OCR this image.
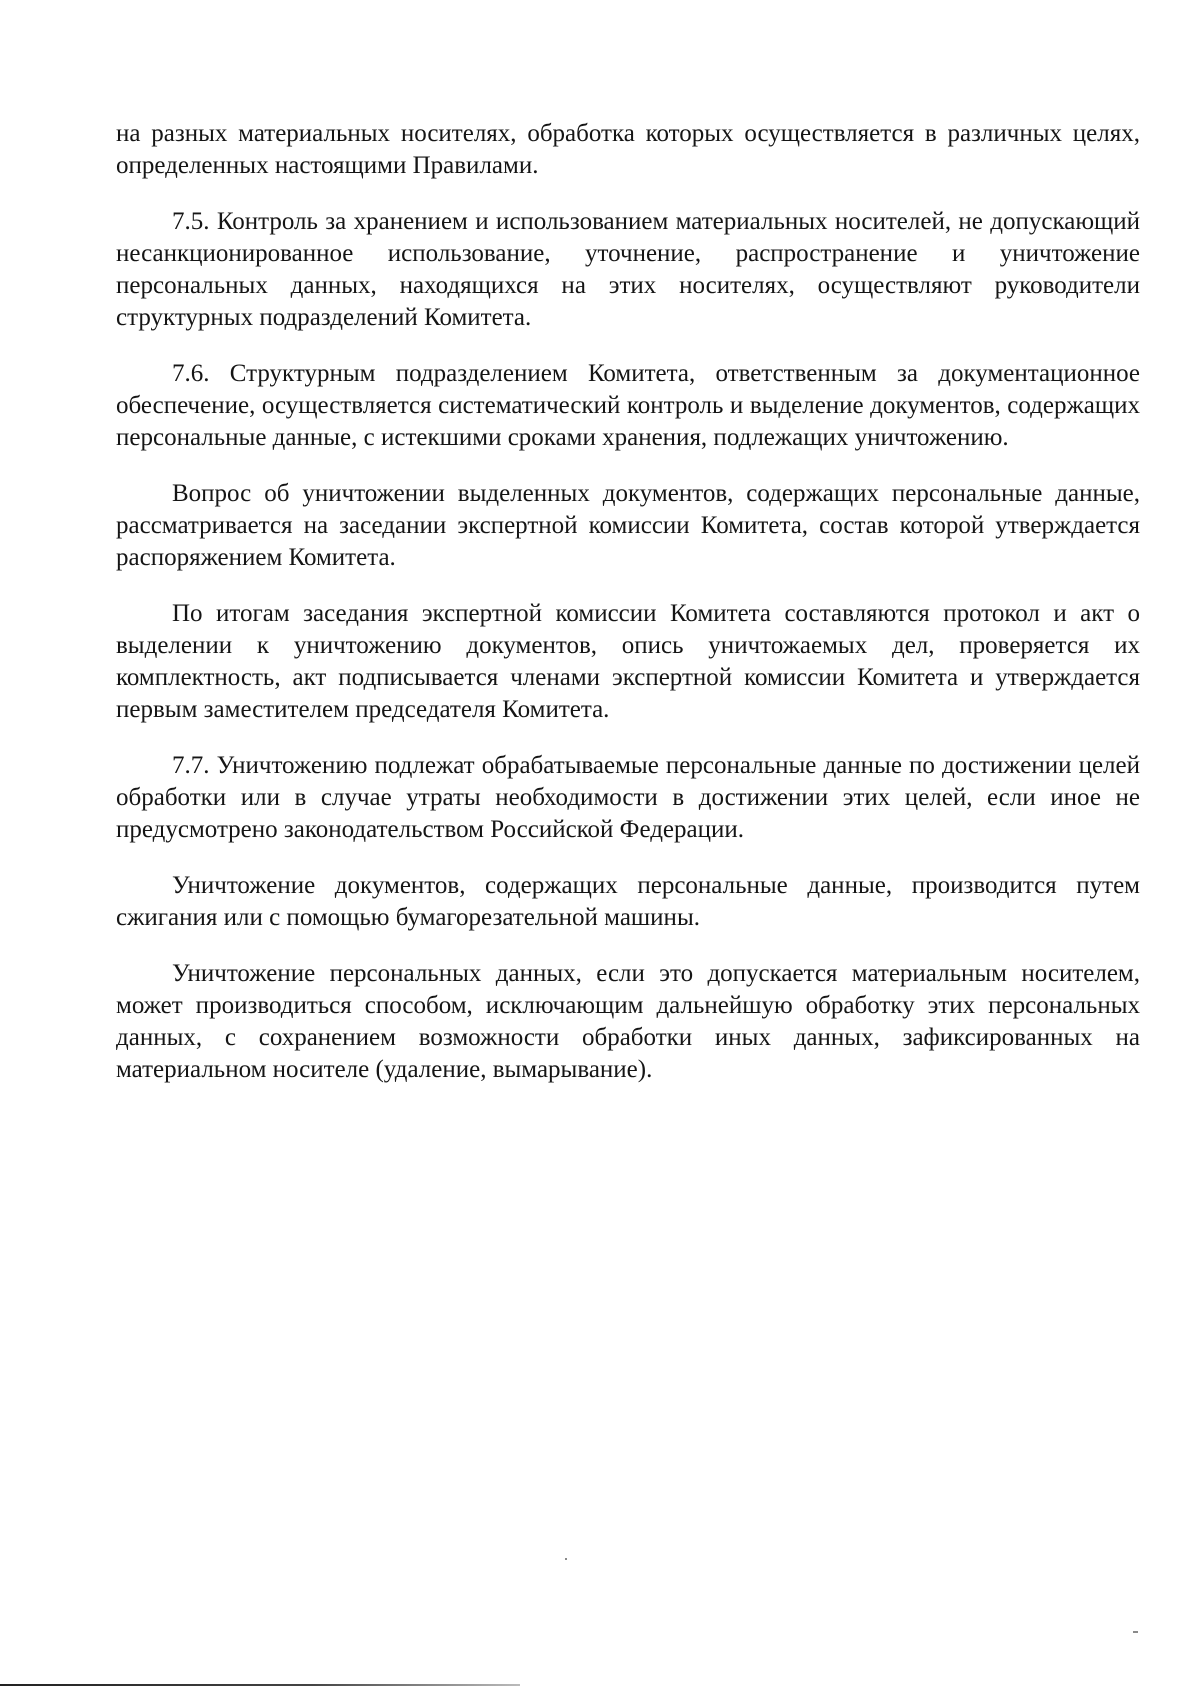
на разных материальных носителях, обработка которых осуществляется в различных целях, определенных настоящими Правилами.

7.5. Контроль за хранением и использованием материальных носителей, не допускающий несанкционированное использование, уточнение, распространение и уничтожение персональных данных, находящихся на этих носителях, осуществляют руководители структурных подразделений Комитета.

7.6. Структурным подразделением Комитета, ответственным за документационное обеспечение, осуществляется систематический контроль и выделение документов, содержащих персональные данные, с истекшими сроками хранения, подлежащих уничтожению.

Вопрос об уничтожении выделенных документов, содержащих персональные данные, рассматривается на заседании экспертной комиссии Комитета, состав которой утверждается распоряжением Комитета.

По итогам заседания экспертной комиссии Комитета составляются протокол и акт о выделении к уничтожению документов, опись уничтожаемых дел, проверяется их комплектность, акт подписывается членами экспертной комиссии Комитета и утверждается первым заместителем председателя Комитета.

7.7. Уничтожению подлежат обрабатываемые персональные данные по достижении целей обработки или в случае утраты необходимости в достижении этих целей, если иное не предусмотрено законодательством Российской Федерации.

Уничтожение документов, содержащих персональные данные, производится путем сжигания или с помощью бумагорезательной машины.

Уничтожение персональных данных, если это допускается материальным носителем, может производиться способом, исключающим дальнейшую обработку этих персональных данных, с сохранением возможности обработки иных данных, зафиксированных на материальном носителе (удаление, вымарывание).
